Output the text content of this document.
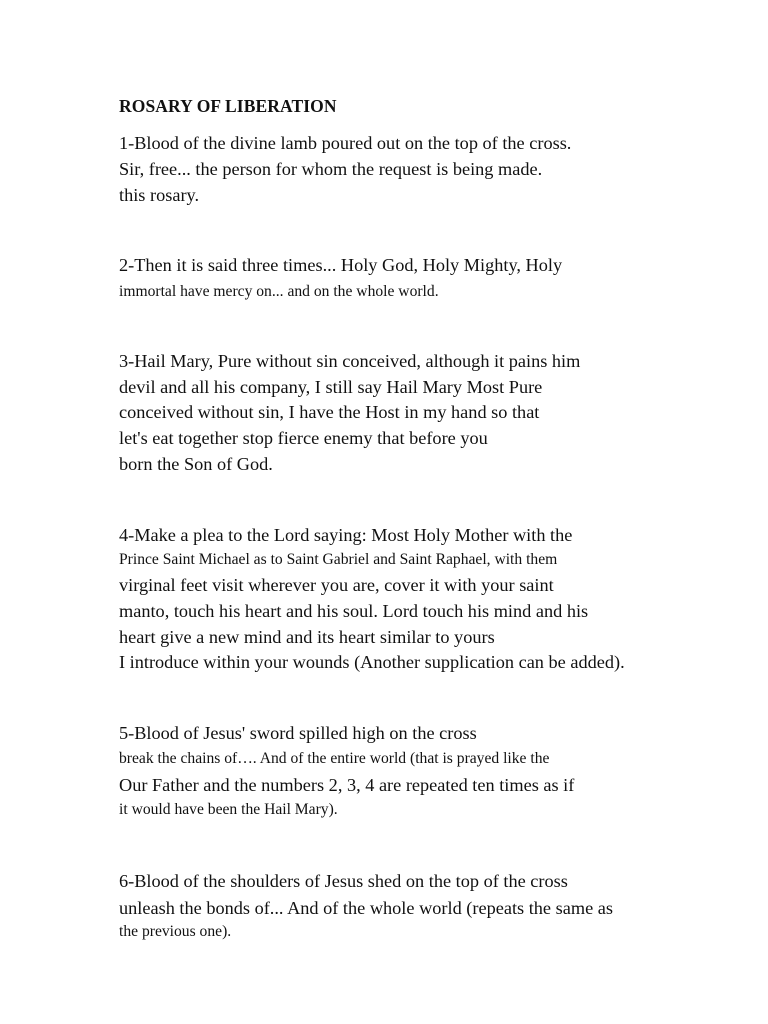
ROSARY OF LIBERATION
1-Blood of the divine lamb poured out on the top of the cross.
Sir, free... the person for whom the request is being made.
this rosary.
2-Then it is said three times... Holy God, Holy Mighty, Holy
immortal have mercy on... and on the whole world.
3-Hail Mary, Pure without sin conceived, although it pains him
devil and all his company, I still say Hail Mary Most Pure
conceived without sin, I have the Host in my hand so that
let's eat together stop fierce enemy that before you
born the Son of God.
4-Make a plea to the Lord saying: Most Holy Mother with the
Prince Saint Michael as to Saint Gabriel and Saint Raphael, with them
virginal feet visit wherever you are, cover it with your saint
manto, touch his heart and his soul. Lord touch his mind and his
heart give a new mind and its heart similar to yours
I introduce within your wounds (Another supplication can be added).
5-Blood of Jesus' sword spilled high on the cross
break the chains of…. And of the entire world (that is prayed like the
Our Father and the numbers 2, 3, 4 are repeated ten times as if
it would have been the Hail Mary).
6-Blood of the shoulders of Jesus shed on the top of the cross
unleash the bonds of... And of the whole world (repeats the same as
the previous one).
